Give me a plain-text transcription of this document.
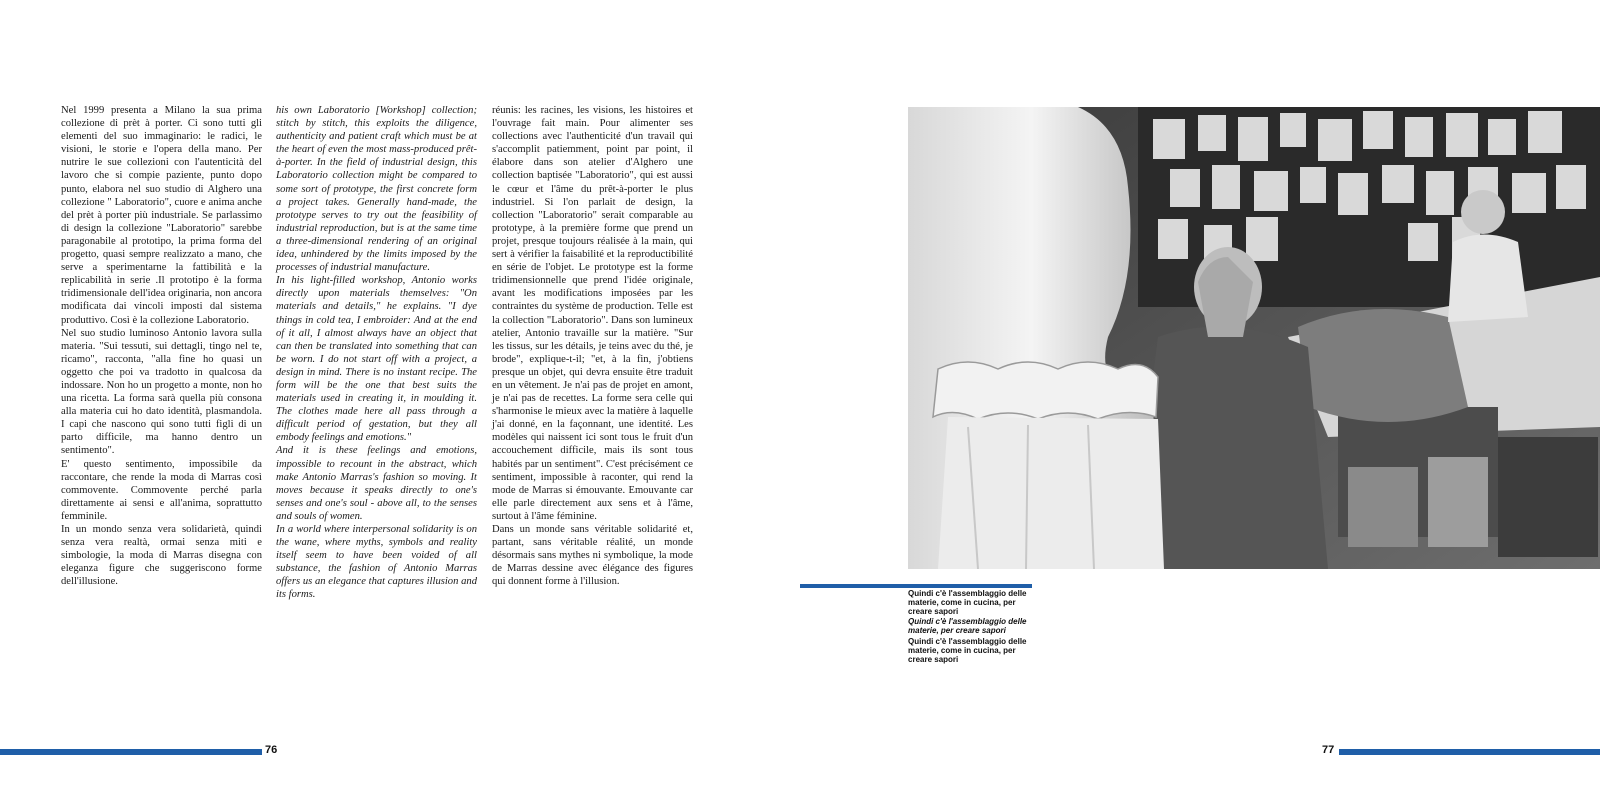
Nel 1999 presenta a Milano la sua prima collezione di prèt à porter. Ci sono tutti gli elementi del suo immaginario: le radici, le visioni, le storie e l'opera della mano. Per nutrire le sue collezioni con l'autenticità del lavoro che si compie paziente, punto dopo punto, elabora nel suo studio di Alghero una collezione " Laboratorio", cuore e anima anche del prèt à porter più industriale. Se parlassimo di design la collezione "Laboratorio" sarebbe paragonabile al prototipo, la prima forma del progetto, quasi sempre realizzato a mano, che serve a sperimentarne la fattibilità e la replicabilità in serie .Il prototipo è la forma tridimensionale dell'idea originaria, non ancora modificata dai vincoli imposti dal sistema produttivo. Così è la collezione Laboratorio.

Nel suo studio luminoso Antonio lavora sulla materia. "Sui tessuti, sui dettagli, tingo nel te, ricamo", racconta, "alla fine ho quasi un oggetto che poi va tradotto in qualcosa da indossare. Non ho un progetto a monte, non ho una ricetta. La forma sarà quella più consona alla materia cui ho dato identità, plasmandola. I capi che nascono qui sono tutti figli di un parto difficile, ma hanno dentro un sentimento".

E' questo sentimento, impossibile da raccontare, che rende la moda di Marras così commovente. Commovente perché parla direttamente ai sensi e all'anima, soprattutto femminile.

In un mondo senza vera solidarietà, quindi senza vera realtà, ormai senza miti e simbologie, la moda di Marras disegna con eleganza figure che suggeriscono forme dell'illusione.

his own Laboratorio [Workshop] collection; stitch by stitch, this exploits the diligence, authenticity and patient craft which must be at the heart of even the most mass-produced prêt-à-porter. In the field of industrial design, this Laboratorio collection might be compared to some sort of prototype, the first concrete form a project takes. Generally hand-made, the prototype serves to try out the feasibility of industrial reproduction, but is at the same time a three-dimensional rendering of an original idea, unhindered by the limits imposed by the processes of industrial manufacture.

In his light-filled workshop, Antonio works directly upon materials themselves: "On materials and details," he explains. "I dye things in cold tea, I embroider: And at the end of it all, I almost always have an object that can then be translated into something that can be worn. I do not start off with a project, a design in mind. There is no instant recipe. The form will be the one that best suits the materials used in creating it, in moulding it. The clothes made here all pass through a difficult period of gestation, but they all embody feelings and emotions."

And it is these feelings and emotions, impossible to recount in the abstract, which make Antonio Marras's fashion so moving. It moves because it speaks directly to one's senses and one's soul - above all, to the senses and souls of women.

In a world where interpersonal solidarity is on the wane, where myths, symbols and reality itself seem to have been voided of all substance, the fashion of Antonio Marras offers us an elegance that captures illusion and its forms.

réunis: les racines, les visions, les histoires et l'ouvrage fait main. Pour alimenter ses collections avec l'authenticité d'un travail qui s'accomplit patiemment, point par point, il élabore dans son atelier d'Alghero une collection baptisée "Laboratorio", qui est aussi le cœur et l'âme du prêt-à-porter le plus industriel. Si l'on parlait de design, la collection "Laboratorio" serait comparable au prototype, à la première forme que prend un projet, presque toujours réalisée à la main, qui sert à vérifier la faisabilité et la reproductibilité en série de l'objet. Le prototype est la forme tridimensionnelle que prend l'idée originale, avant les modifications imposées par les contraintes du système de production. Telle est la collection "Laboratorio". Dans son lumineux atelier, Antonio travaille sur la matière. "Sur les tissus, sur les détails, je teins avec du thé, je brode", explique-t-il; "et, à la fin, j'obtiens presque un objet, qui devra ensuite être traduit en un vêtement. Je n'ai pas de projet en amont, je n'ai pas de recettes. La forme sera celle qui s'harmonise le mieux avec la matière à laquelle j'ai donné, en la façonnant, une identité. Les modèles qui naissent ici sont tous le fruit d'un accouchement difficile, mais ils sont tous habités par un sentiment". C'est précisément ce sentiment, impossible à raconter, qui rend la mode de Marras si émouvante. Emouvante car elle parle directement aux sens et à l'âme, surtout à l'âme féminine.

Dans un monde sans véritable solidarité et, partant, sans véritable réalité, un monde désormais sans mythes ni symbolique, la mode de Marras dessine avec élégance des figures qui donnent forme à l'illusion.

76

Quindi c'è l'assemblaggio delle materie, come in cucina, per creare sapori

Quindi c'è l'assemblaggio delle materie, per creare sapori

Quindi c'è l'assemblaggio delle materie, come in cucina, per creare sapori

77
